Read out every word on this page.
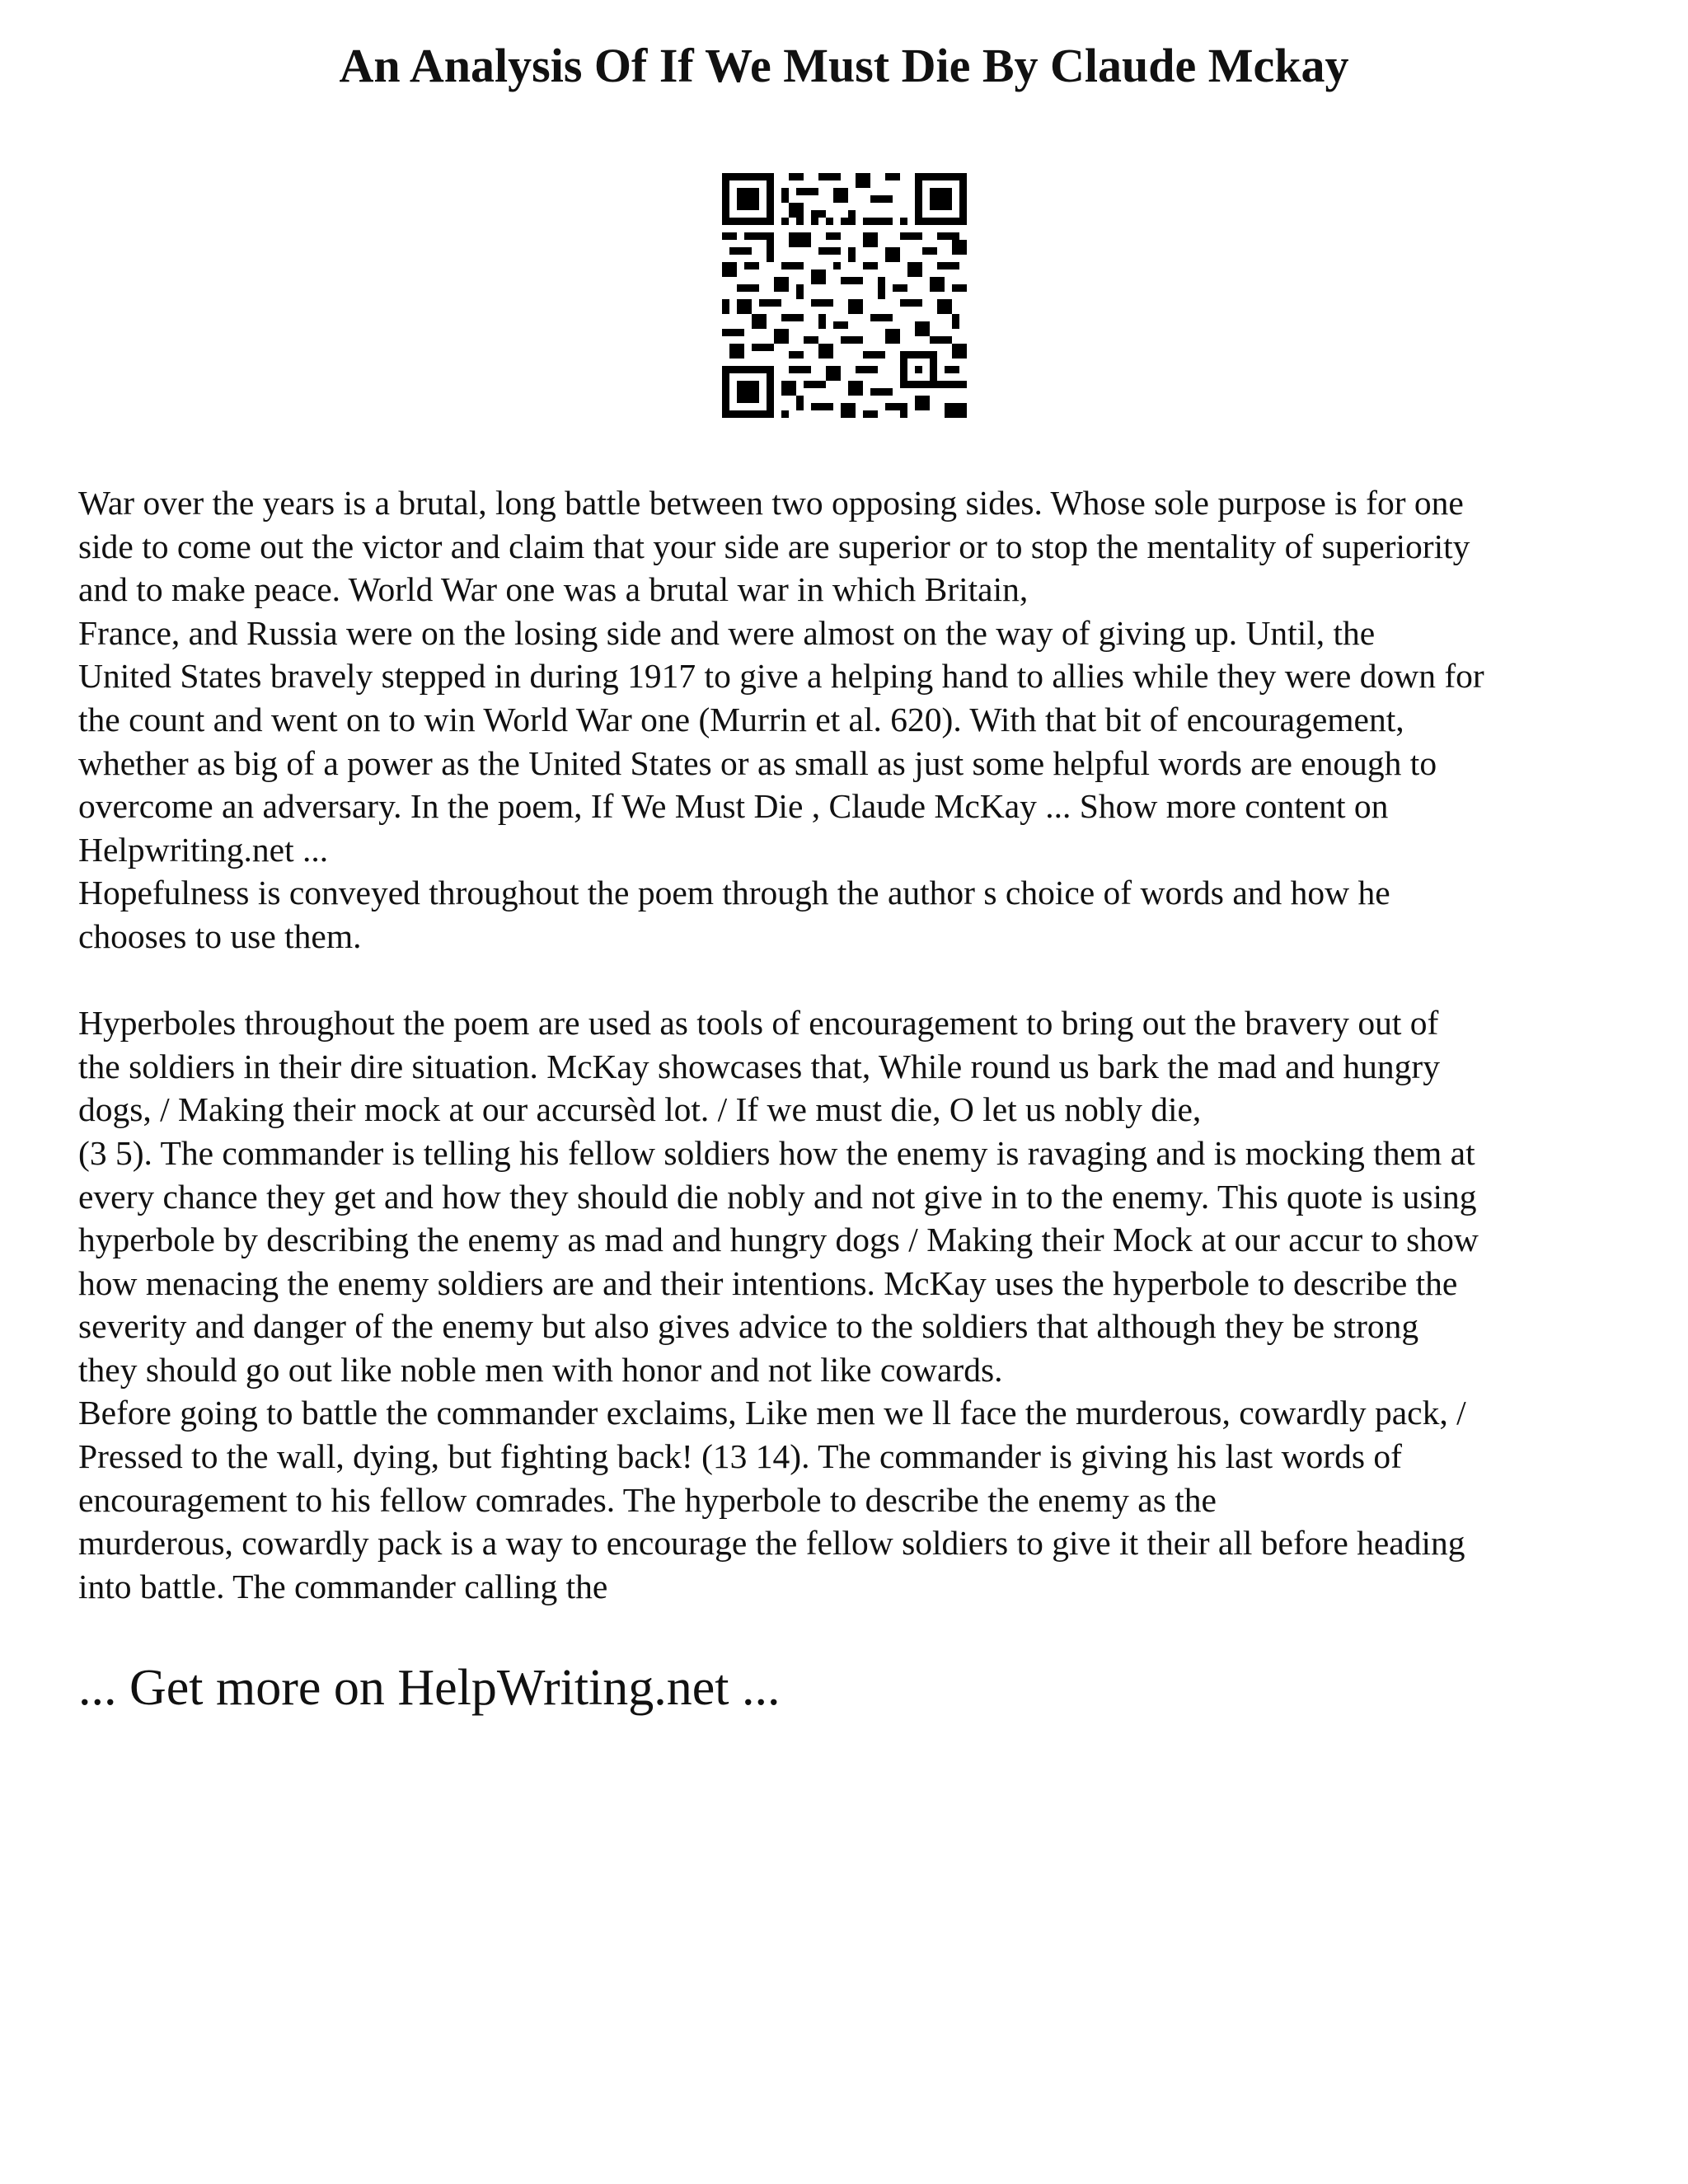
An Analysis Of If We Must Die By Claude Mckay

War over the years is a brutal, long battle between two opposing sides. Whose sole purpose is for one
side to come out the victor and claim that your side are superior or to stop the mentality of superiority
and to make peace. World War one was a brutal war in which Britain,
France, and Russia were on the losing side and were almost on the way of giving up. Until, the
United States bravely stepped in during 1917 to give a helping hand to allies while they were down for
the count and went on to win World War one (Murrin et al. 620). With that bit of encouragement,
whether as big of a power as the United States or as small as just some helpful words are enough to
overcome an adversary. In the poem, If We Must Die , Claude McKay ... Show more content on
Helpwriting.net ...

Hopefulness is conveyed throughout the poem through the author s choice of words and how he
chooses to use them.

Hyperboles throughout the poem are used as tools of encouragement to bring out the bravery out of
the soldiers in their dire situation. McKay showcases that, While round us bark the mad and hungry
dogs, / Making their mock at our accursèd lot. / If we must die, O let us nobly die,
(3 5). The commander is telling his fellow soldiers how the enemy is ravaging and is mocking them at
every chance they get and how they should die nobly and not give in to the enemy. This quote is using
hyperbole by describing the enemy as mad and hungry dogs / Making their Mock at our accur to show
how menacing the enemy soldiers are and their intentions. McKay uses the hyperbole to describe the
severity and danger of the enemy but also gives advice to the soldiers that although they be strong
they should go out like noble men with honor and not like cowards.

Before going to battle the commander exclaims, Like men we ll face the murderous, cowardly pack, /
Pressed to the wall, dying, but fighting back! (13 14). The commander is giving his last words of
encouragement to his fellow comrades. The hyperbole to describe the enemy as the
murderous, cowardly pack is a way to encourage the fellow soldiers to give it their all before heading
into battle. The commander calling the

... Get more on HelpWriting.net ...
